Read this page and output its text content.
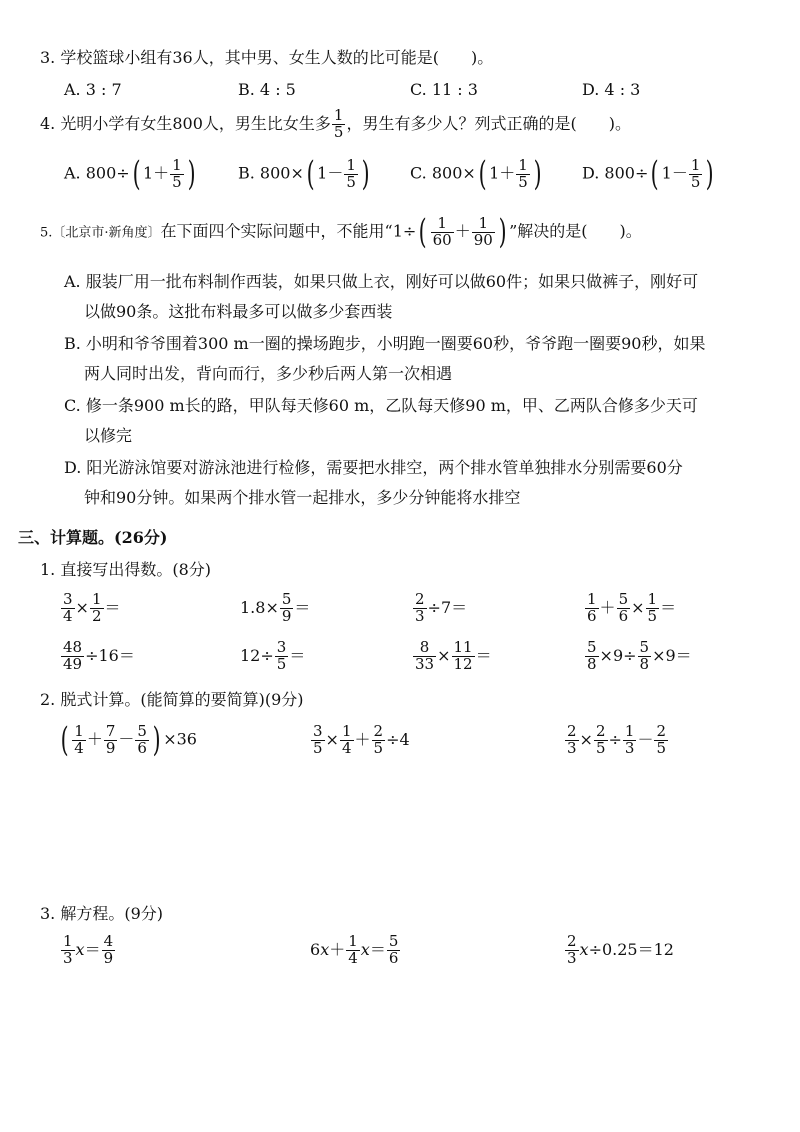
3. 学校篮球小组有36人，其中男、女生人数的比可能是(　　)。
A. 3 : 7	B. 4 : 5	C. 11 : 3	D. 4 : 3
4. 光明小学有女生800人，男生比女生多 $\frac{1}{5}$ ，男生有多少人？列式正确的是(　　)。
A. 800÷( $1+ \frac{1}{5}$ )	B. 800×( $1- \frac{1}{5}$ )	C. 800×( $1+ \frac{1}{5}$ )	D. 800÷( $1- \frac{1}{5}$ )
5.〔北京市·新角度〕在下面四个实际问题中，不能用“$1\div( \frac{1}{60} + \frac{1}{90}$ ) ”解决的是(　　)。
A. 服装厂用一批布料制作西装，如果只做上衣，刚好可以做60件；如果只做裤子，刚好可
以做90条。这批布料最多可以做多少套西装
B. 小明和爷爷围着300 m一圈的操场跑步，小明跑一圈要60秒，爷爷跑一圈要90秒，如果
两人同时出发，背向而行，多少秒后两人第一次相遇
C. 修一条900 m长的路，甲队每天修60 m，乙队每天修90 m，甲、乙两队合修多少天可
以修完
D. 阳光游泳馆要对游泳池进行检修，需要把水排空，两个排水管单独排水分别需要60分
钟和90分钟。如果两个排水管一起排水，多少分钟能将水排空
三、计算题。(26分)
1. 直接写出得数。(8分)
$\frac{3}{4} \times \frac{1}{2}$ ＝	$1.8\times \frac{5}{9}$ ＝	$\frac{2}{3} \div 7=$	$\frac{1}{6} + \frac{5}{6} \times \frac{1}{5}$ ＝
$\frac{48}{49} \div 16=$	$12\div \frac{3}{5}$ ＝	$\frac{8}{33} \times \frac{11}{12}$ ＝	$\frac{5}{8} \times 9\div \frac{5}{8} \times 9=$
2. 脱式计算。(能简算的要简算)(9分)
( $\frac{1}{4} + \frac{7}{9} - \frac{5}{6}$ ) ×36	$\frac{3}{5} \times \frac{1}{4} + \frac{2}{5} \div 4$	$\frac{2}{3} \times \frac{2}{5} \div \frac{1}{3} - \frac{2}{5}$
3. 解方程。(9分)
$\frac{1}{3} x= \frac{4}{9}$	$6x+ \frac{1}{4} x= \frac{5}{6}$	$\frac{2}{3} x\div 0.25=12$
